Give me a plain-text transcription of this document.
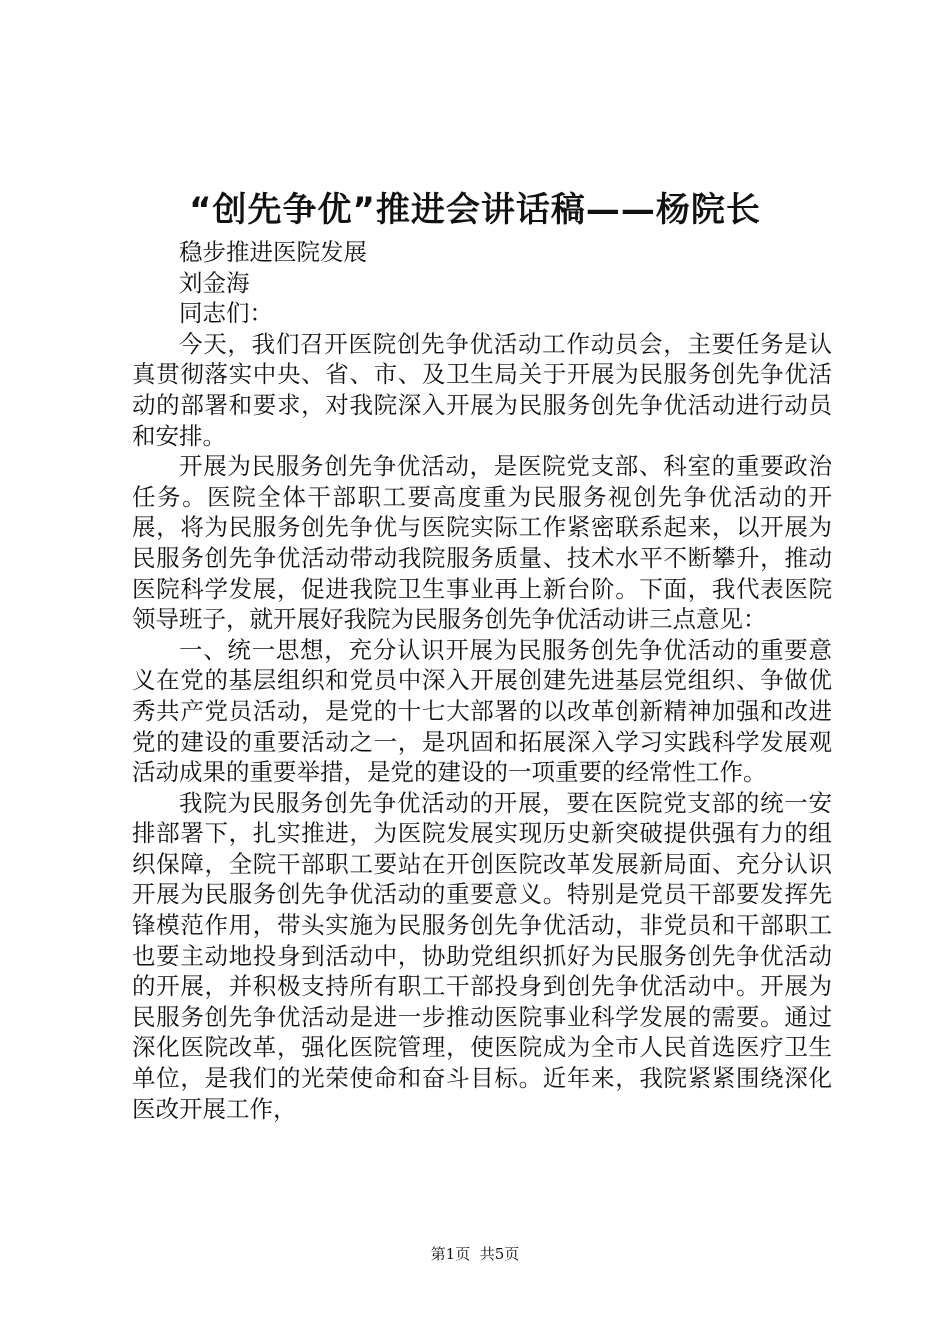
“创先争优”推进会讲话稿——杨院长

稳步推进医院发展

刘金海

同志们：

今天，我们召开医院创先争优活动工作动员会，主要任务是认真贯彻落实中央、省、市、及卫生局关于开展为民服务创先争优活动的部署和要求，对我院深入开展为民服务创先争优活动进行动员和安排。

开展为民服务创先争优活动，是医院党支部、科室的重要政治任务。医院全体干部职工要高度重为民服务视创先争优活动的开展，将为民服务创先争优与医院实际工作紧密联系起来，以开展为民服务创先争优活动带动我院服务质量、技术水平不断攀升，推动医院科学发展，促进我院卫生事业再上新台阶。下面，我代表医院领导班子，就开展好我院为民服务创先争优活动讲三点意见：

一、统一思想，充分认识开展为民服务创先争优活动的重要意义在党的基层组织和党员中深入开展创建先进基层党组织、争做优秀共产党员活动，是党的十七大部署的以改革创新精神加强和改进党的建设的重要活动之一，是巩固和拓展深入学习实践科学发展观活动成果的重要举措，是党的建设的一项重要的经常性工作。

我院为民服务创先争优活动的开展，要在医院党支部的统一安排部署下，扎实推进，为医院发展实现历史新突破提供强有力的组织保障，全院干部职工要站在开创医院改革发展新局面、充分认识开展为民服务创先争优活动的重要意义。特别是党员干部要发挥先锋模范作用，带头实施为民服务创先争优活动，非党员和干部职工也要主动地投身到活动中，协助党组织抓好为民服务创先争优活动的开展，并积极支持所有职工干部投身到创先争优活动中。开展为民服务创先争优活动是进一步推动医院事业科学发展的需要。通过深化医院改革，强化医院管理，使医院成为全市人民首选医疗卫生单位，是我们的光荣使命和奋斗目标。近年来，我院紧紧围绕深化医改开展工作，

第1页 共5页
